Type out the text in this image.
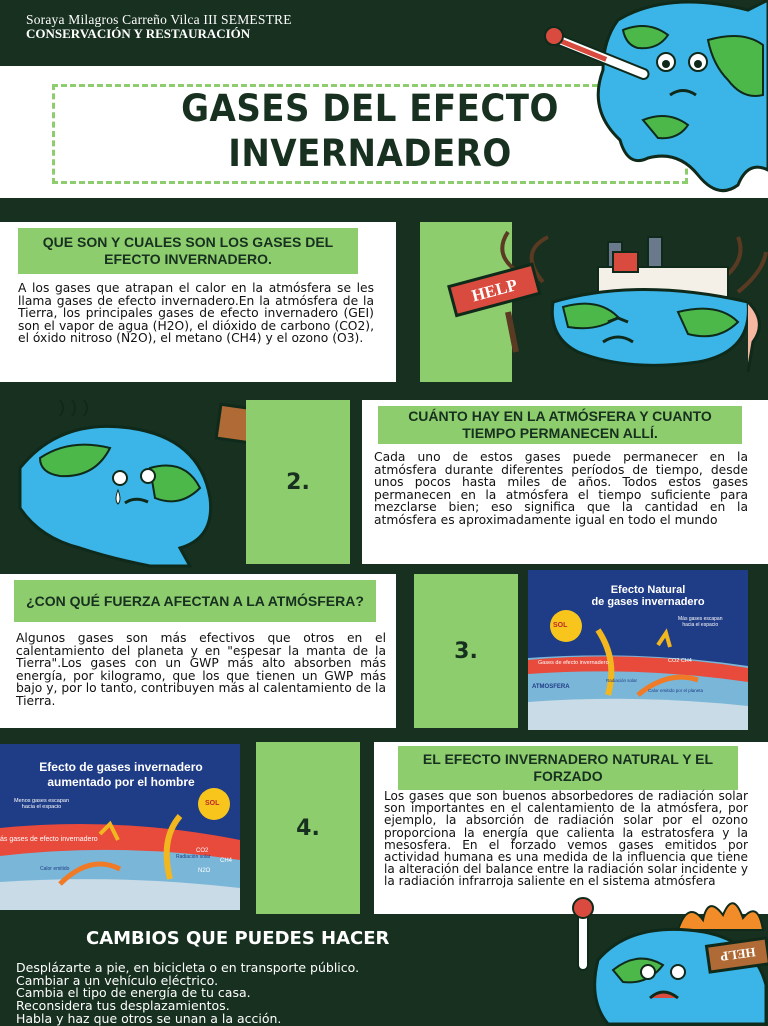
Soraya Milagros Carreño Vilca III SEMESTRE
CONSERVACIÓN Y RESTAURACIÓN
GASES DEL EFECTO
INVERNADERO
QUE SON Y CUALES SON LOS GASES DEL EFECTO INVERNADERO.
A los gases que atrapan el calor en la atmósfera se les llama gases de efecto invernadero.En la atmósfera de la Tierra, los principales gases de efecto invernadero (GEI) son el vapor de agua (H2O), el dióxido de carbono (CO2), el óxido nitroso (N2O), el metano (CH4) y el ozono (O3).
HELP
2.
CUÁNTO HAY EN LA ATMÓSFERA Y CUANTO TIEMPO PERMANECEN ALLÍ.
Cada uno de estos gases puede permanecer en la atmósfera durante diferentes períodos de tiempo, desde unos pocos hasta miles de años. Todos estos gases permanecen en la atmósfera el tiempo suficiente para mezclarse bien; eso significa que la cantidad en la atmósfera es aproximadamente igual en todo el mundo
¿CON QUÉ FUERZA AFECTAN A LA ATMÓSFERA?
Algunos gases son más efectivos que otros en el calentamiento del planeta y en "espesar la manta de la Tierra".Los gases con un GWP más alto absorben más energía, por kilogramo, que los que tienen un GWP más bajo y, por lo tanto, contribuyen más al calentamiento de la Tierra.
3.
Efecto Natural
de gases invernadero
SOL
Más gases escapan
hacia el espacio
Gases de efecto invernadero	CO2 CH4
ATMOSFERA
Calor emitido por el planeta
Radiación solar
Efecto de gases invernadero
aumentado por el hombre
SOL
Menos gases escapan
hacia el espacio
ás gases de efecto invernadero
CO2
CH4
N2O
Calor emitido
Radiación solar
4.
EL EFECTO INVERNADERO NATURAL Y EL FORZADO
Los gases que son buenos absorbedores de radiación solar son importantes en el calentamiento de la atmósfera, por ejemplo, la absorción de radiación solar por el ozono proporciona la energía que calienta la estratosfera y la mesosfera. En el forzado vemos gases emitidos por actividad humana es una medida de la influencia que tiene la alteración del balance entre la radiación solar incidente y la radiación infrarroja saliente en el sistema atmósfera
CAMBIOS QUE PUEDES HACER
Desplázarte a pie, en bicicleta o en transporte público.
Cambiar a un vehículo eléctrico.
Cambia el tipo de energía de tu casa.
Reconsidera tus desplazamientos.
Habla y haz que otros se unan a la acción.
HELP
